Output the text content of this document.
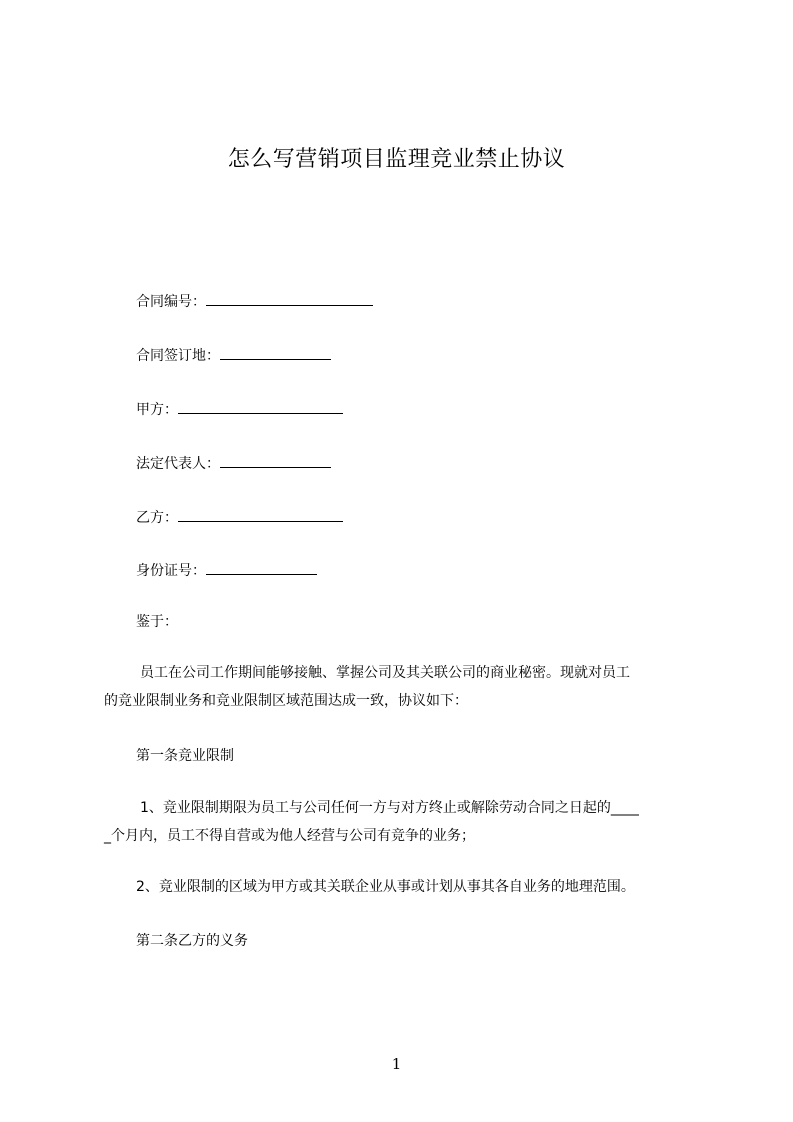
怎么写营销项目监理竞业禁止协议
合同编号：
合同签订地：
甲方：
法定代表人：
乙方：
身份证号：
鉴于：
员工在公司工作期间能够接触、掌握公司及其关联公司的商业秘密。现就对员工
的竞业限制业务和竞业限制区域范围达成一致，协议如下：
第一条竞业限制
1、竞业限制期限为员工与公司任何一方与对方终止或解除劳动合同之日起的____
_个月内，员工不得自营或为他人经营与公司有竞争的业务；
2、竞业限制的区域为甲方或其关联企业从事或计划从事其各自业务的地理范围。
第二条乙方的义务
1
